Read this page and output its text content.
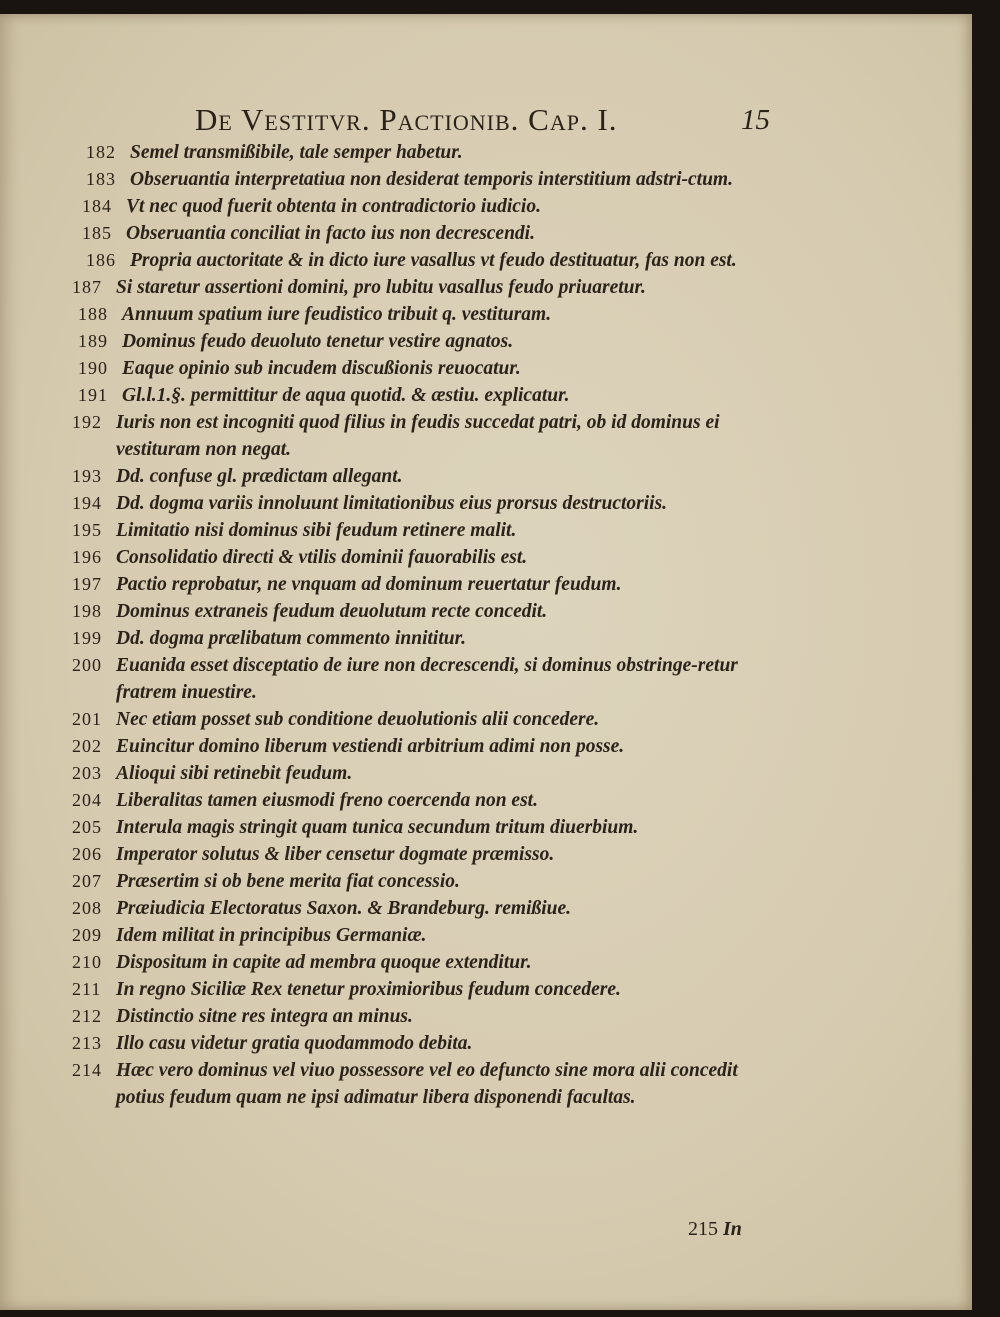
De Vestitvr. Pactionib. Cap. I.	15
182 Semel transmißibile, tale semper habetur.
183 Obseruantia interpretatiua non desiderat temporis interstitium adstri-ctum.
184 Vt nec quod fuerit obtenta in contradictorio iudicio.
185 Obseruantia conciliat in facto ius non decrescendi.
186 Propria auctoritate & in dicto iure vasallus vt feudo destituatur, fas non est.
187 Si staretur assertioni domini, pro lubitu vasallus feudo priuaretur.
188 Annuum spatium iure feudistico tribuit q. vestituram.
189 Dominus feudo deuoluto tenetur vestire agnatos.
190 Eaque opinio sub incudem discußionis reuocatur.
191 Gl.l.1.§. permittitur de aqua quotid. & æstiu. explicatur.
192 Iuris non est incogniti quod filius in feudis succedat patri, ob id dominus ei vestituram non negat.
193 Dd. confuse gl. prædictam allegant.
194 Dd. dogma variis innoluunt limitationibus eius prorsus destructoriis.
195 Limitatio nisi dominus sibi feudum retinere malit.
196 Consolidatio directi & vtilis dominii fauorabilis est.
197 Pactio reprobatur, ne vnquam ad dominum reuertatur feudum.
198 Dominus extraneis feudum deuolutum recte concedit.
199 Dd. dogma prælibatum commento innititur.
200 Euanida esset disceptatio de iure non decrescendi, si dominus obstringe-retur fratrem inuestire.
201 Nec etiam posset sub conditione deuolutionis alii concedere.
202 Euincitur domino liberum vestiendi arbitrium adimi non posse.
203 Alioqui sibi retinebit feudum.
204 Liberalitas tamen eiusmodi freno coercenda non est.
205 Interula magis stringit quam tunica secundum tritum diuerbium.
206 Imperator solutus & liber censetur dogmate præmisso.
207 Præsertim si ob bene merita fiat concessio.
208 Præiudicia Electoratus Saxon. & Brandeburg. remißiue.
209 Idem militat in principibus Germaniæ.
210 Dispositum in capite ad membra quoque extenditur.
211 In regno Siciliæ Rex tenetur proximioribus feudum concedere.
212 Distinctio sitne res integra an minus.
213 Illo casu videtur gratia quodammodo debita.
214 Hæc vero dominus vel viuo possessore vel eo defuncto sine mora alii concedit potius feudum quam ne ipsi adimatur libera disponendi facultas.
215 In
